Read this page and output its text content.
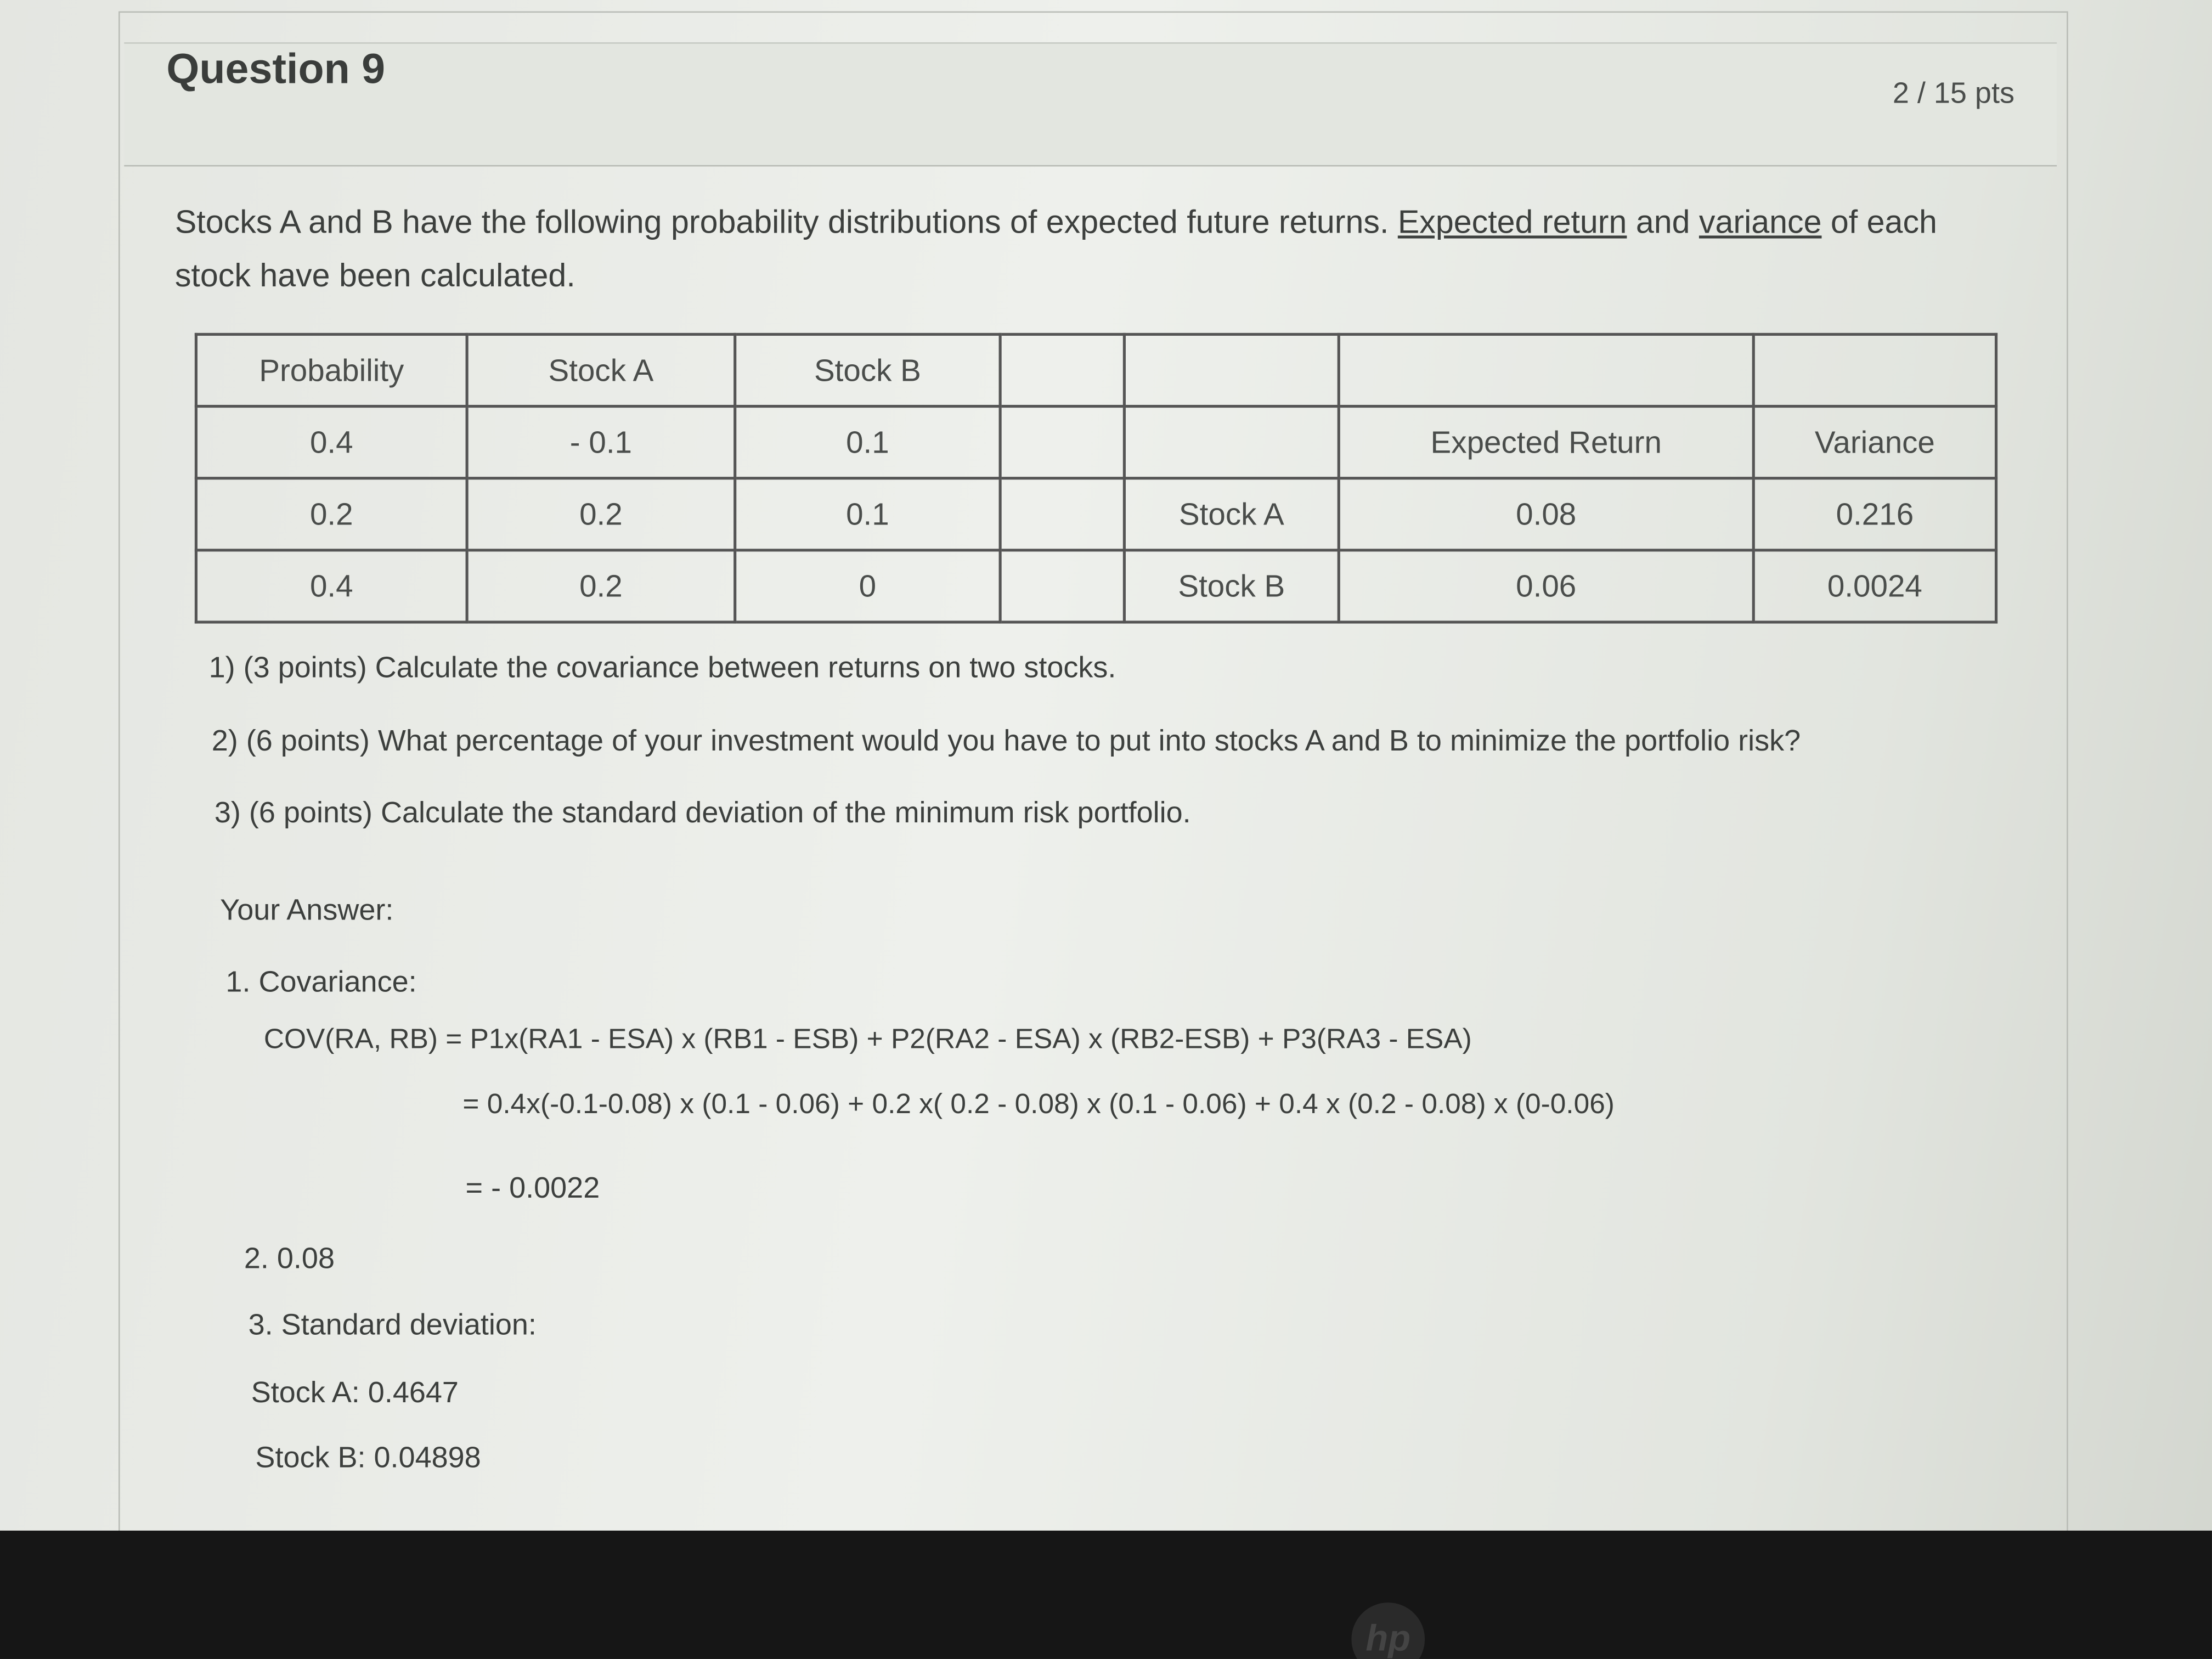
Question 9
2 / 15 pts
Stocks A and B have the following probability distributions of expected future returns. Expected return and variance of each stock have been calculated.
Probability	Stock A	Stock B				
0.4	- 0.1	0.1			Expected Return	Variance
0.2	0.2	0.1		Stock A	0.08	0.216
0.4	0.2	0		Stock B	0.06	0.0024
1) (3 points) Calculate the covariance between returns on two stocks.
2) (6 points) What percentage of your investment would you have to put into stocks A and B to minimize the portfolio risk?
3) (6 points) Calculate the standard deviation of the minimum risk portfolio.
Your Answer:
1. Covariance:
COV(RA, RB) = P1x(RA1 - ESA) x (RB1 - ESB) + P2(RA2 - ESA) x (RB2-ESB) + P3(RA3 - ESA)
= 0.4x(-0.1-0.08) x (0.1 - 0.06) + 0.2 x( 0.2 - 0.08) x (0.1 - 0.06) + 0.4 x (0.2 - 0.08) x (0-0.06)
= - 0.0022
2. 0.08
3. Standard deviation:
Stock A: 0.4647
Stock B: 0.04898
hp
